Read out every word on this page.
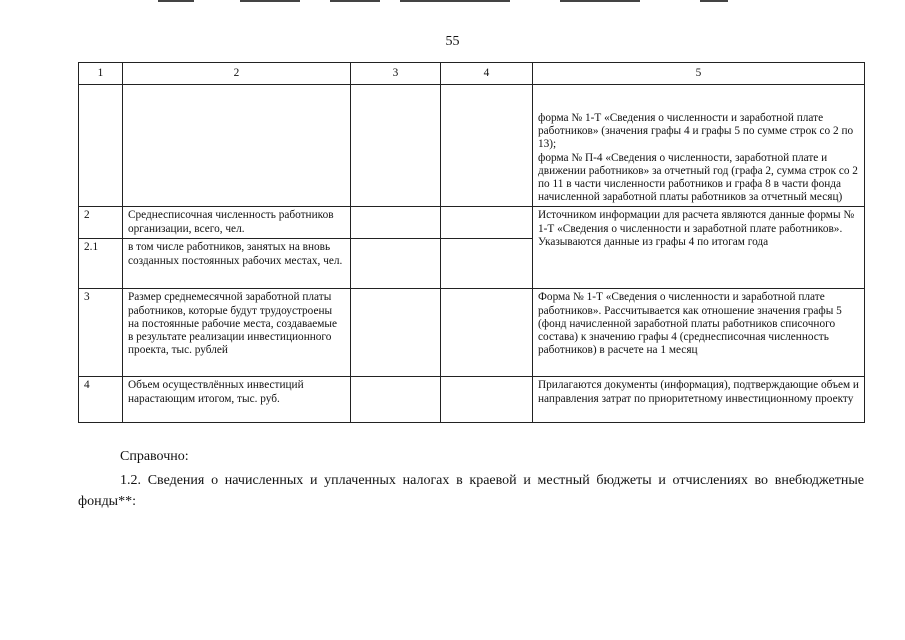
55
1	2	3	4	5

				форма № 1-Т «Сведения о численности и заработной плате работников» (значения графы 4 и графы 5 по сумме строк со 2 по 13);
форма № П-4 «Сведения о численности, заработной плате и движении работников» за отчетный год (графа 2, сумма строк со 2 по 11 в части численности работников и графа 8 в части фонда начисленной заработной платы работников за отчетный месяц)

2	Среднесписочная численность работников организации, всего, чел.			Источником информации для расчета являются данные формы № 1-Т «Сведения о численности и заработной плате работников».
Указываются данные из графы 4 по итогам года
2.1	в том числе работников, занятых на вновь созданных постоянных рабочих местах, чел.			
3	Размер среднемесячной заработной платы работников, которые будут трудоустроены на постоянные рабочие места, создаваемые в результате реализации инвестиционного проекта, тыс. рублей			Форма № 1-Т «Сведения о численности и заработной плате работников». Рассчитывается как отношение значения графы 5 (фонд начисленной заработной платы работников списочного состава) к значению графы 4 (среднесписочная численность работников) в расчете на 1 месяц
4	Объем осуществлённых инвестиций нарастающим итогом, тыс. руб.			Прилагаются документы (информация), подтверждающие объем и направления затрат по приоритетному инвестиционному проекту
Справочно:
1.2. Сведения о начисленных и уплаченных налогах в краевой и местный бюджеты и отчислениях во внебюджетные фонды**:
